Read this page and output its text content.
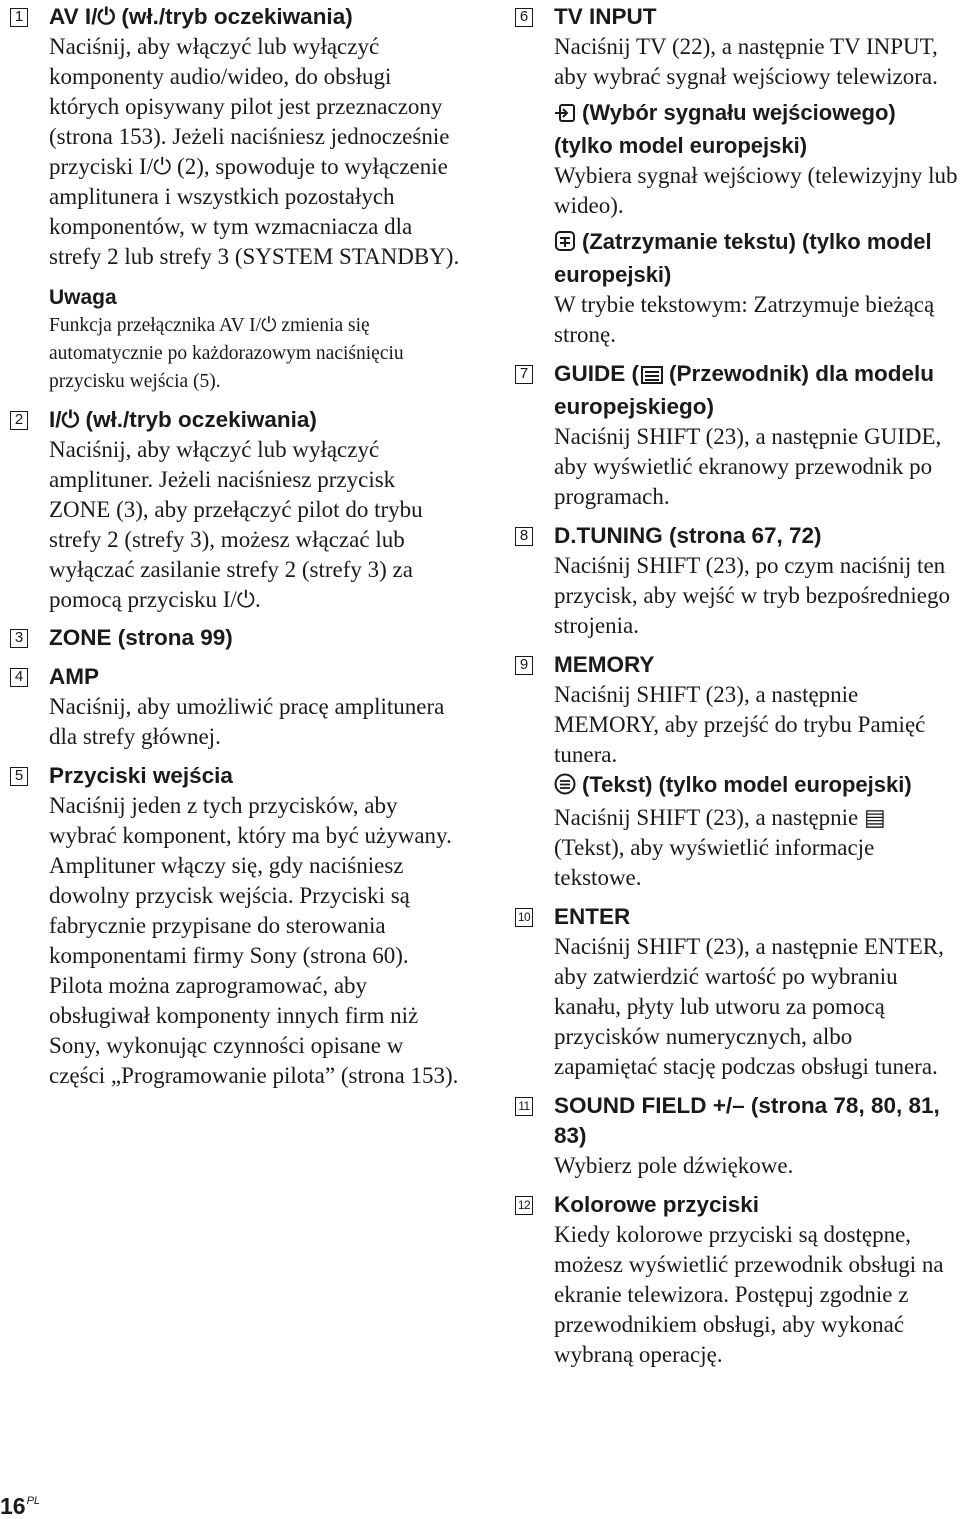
1 AV I/⏻ (wł./tryb oczekiwania)

Naciśnij, aby włączyć lub wyłączyć komponenty audio/wideo, do obsługi których opisywany pilot jest przeznaczony (strona 153). Jeżeli naciśniesz jednocześnie przyciski I/⏻ (2), spowoduje to wyłączenie amplitunera i wszystkich pozostałych komponentów, w tym wzmacniacza dla strefy 2 lub strefy 3 (SYSTEM STANDBY).

Uwaga

Funkcja przełącznika AV I/⏻ zmienia się automatycznie po każdorazowym naciśnięciu przycisku wejścia (5).

2 I/⏻ (wł./tryb oczekiwania)

Naciśnij, aby włączyć lub wyłączyć amplituner. Jeżeli naciśniesz przycisk ZONE (3), aby przełączyć pilot do trybu strefy 2 (strefy 3), możesz włączać lub wyłączać zasilanie strefy 2 (strefy 3) za pomocą przycisku I/⏻.

3 ZONE (strona 99)

4 AMP

Naciśnij, aby umożliwić pracę amplitunera dla strefy głównej.

5 Przyciski wejścia

Naciśnij jeden z tych przycisków, aby wybrać komponent, który ma być używany. Amplituner włączy się, gdy naciśniesz dowolny przycisk wejścia. Przyciski są fabrycznie przypisane do sterowania komponentami firmy Sony (strona 60). Pilota można zaprogramować, aby obsługiwał komponenty innych firm niż Sony, wykonując czynności opisane w części „Programowanie pilota” (strona 153).

6 TV INPUT

Naciśnij TV (22), a następnie TV INPUT, aby wybrać sygnał wejściowy telewizora.

(Wybór sygnału wejściowego) (tylko model europejski)

Wybiera sygnał wejściowy (telewizyjny lub wideo).

(Zatrzymanie tekstu) (tylko model europejski)

W trybie tekstowym: Zatrzymuje bieżącą stronę.

7 GUIDE ( (Przewodnik) dla modelu europejskiego)

Naciśnij SHIFT (23), a następnie GUIDE, aby wyświetlić ekranowy przewodnik po programach.

8 D.TUNING (strona 67, 72)

Naciśnij SHIFT (23), po czym naciśnij ten przycisk, aby wejść w tryb bezpośredniego strojenia.

9 MEMORY

Naciśnij SHIFT (23), a następnie MEMORY, aby przejść do trybu Pamięć tunera.

(Tekst) (tylko model europejski)

Naciśnij SHIFT (23), a następnie ▤ (Tekst), aby wyświetlić informacje tekstowe.

10 ENTER

Naciśnij SHIFT (23), a następnie ENTER, aby zatwierdzić wartość po wybraniu kanału, płyty lub utworu za pomocą przycisków numerycznych, albo zapamiętać stację podczas obsługi tunera.

11 SOUND FIELD +/– (strona 78, 80, 81, 83)

Wybierz pole dźwiękowe.

12 Kolorowe przyciski

Kiedy kolorowe przyciski są dostępne, możesz wyświetlić przewodnik obsługi na ekranie telewizora. Postępuj zgodnie z przewodnikiem obsługi, aby wykonać wybraną operację.

$16^{PL}$
